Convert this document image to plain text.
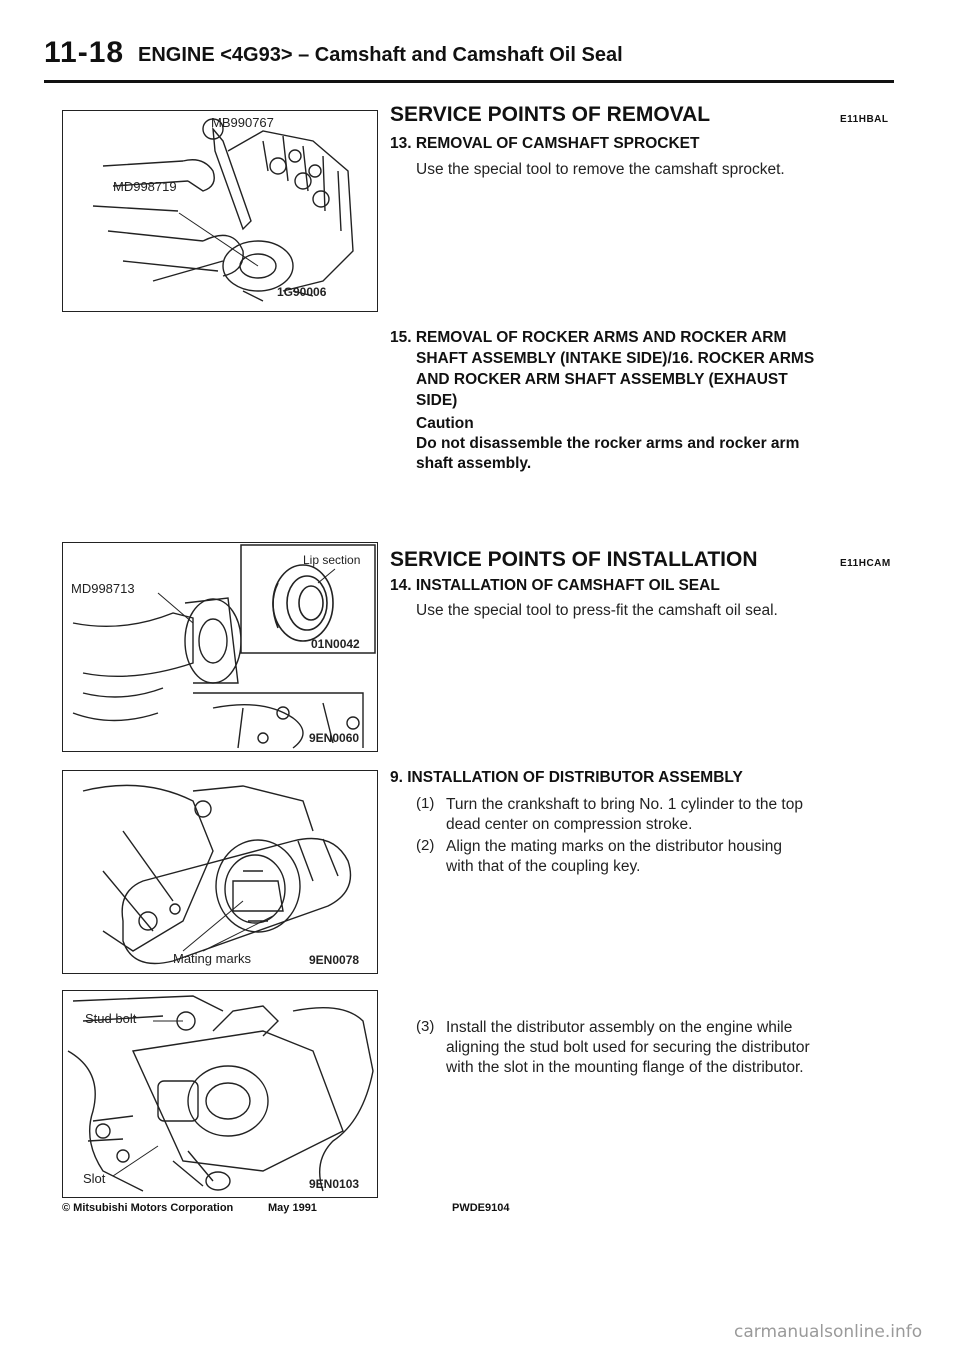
11-18 ENGINE <4G93> – Camshaft and Camshaft Oil Seal
MB990767
MD998719
1G90006
MD998713
Lip section
01N0042
9EN0060
Mating marks	9EN0078
Stud bolt
Slot	9EN0103
SERVICE POINTS OF REMOVAL	E11HBAL
13. REMOVAL OF CAMSHAFT SPROCKET
Use the special tool to remove the camshaft sprocket.
15. REMOVAL OF ROCKER ARMS AND ROCKER ARM
SHAFT ASSEMBLY (INTAKE SIDE)/16. ROCKER ARMS
AND ROCKER ARM SHAFT ASSEMBLY (EXHAUST
SIDE)
Caution
Do not disassemble the rocker arms and rocker arm
shaft assembly.
SERVICE POINTS OF INSTALLATION	E11HCAM
14. INSTALLATION OF CAMSHAFT OIL SEAL
Use the special tool to press-fit the camshaft oil seal.
9. INSTALLATION OF DISTRIBUTOR ASSEMBLY
(1) Turn the crankshaft to bring No. 1 cylinder to the top
dead center on compression stroke.
(2) Align the mating marks on the distributor housing
with that of the coupling key.
(3) Install the distributor assembly on the engine while
aligning the stud bolt used for securing the distributor
with the slot in the mounting flange of the distributor.
© Mitsubishi Motors Corporation	May 1991	PWDE9104
carmanualsonline.info
